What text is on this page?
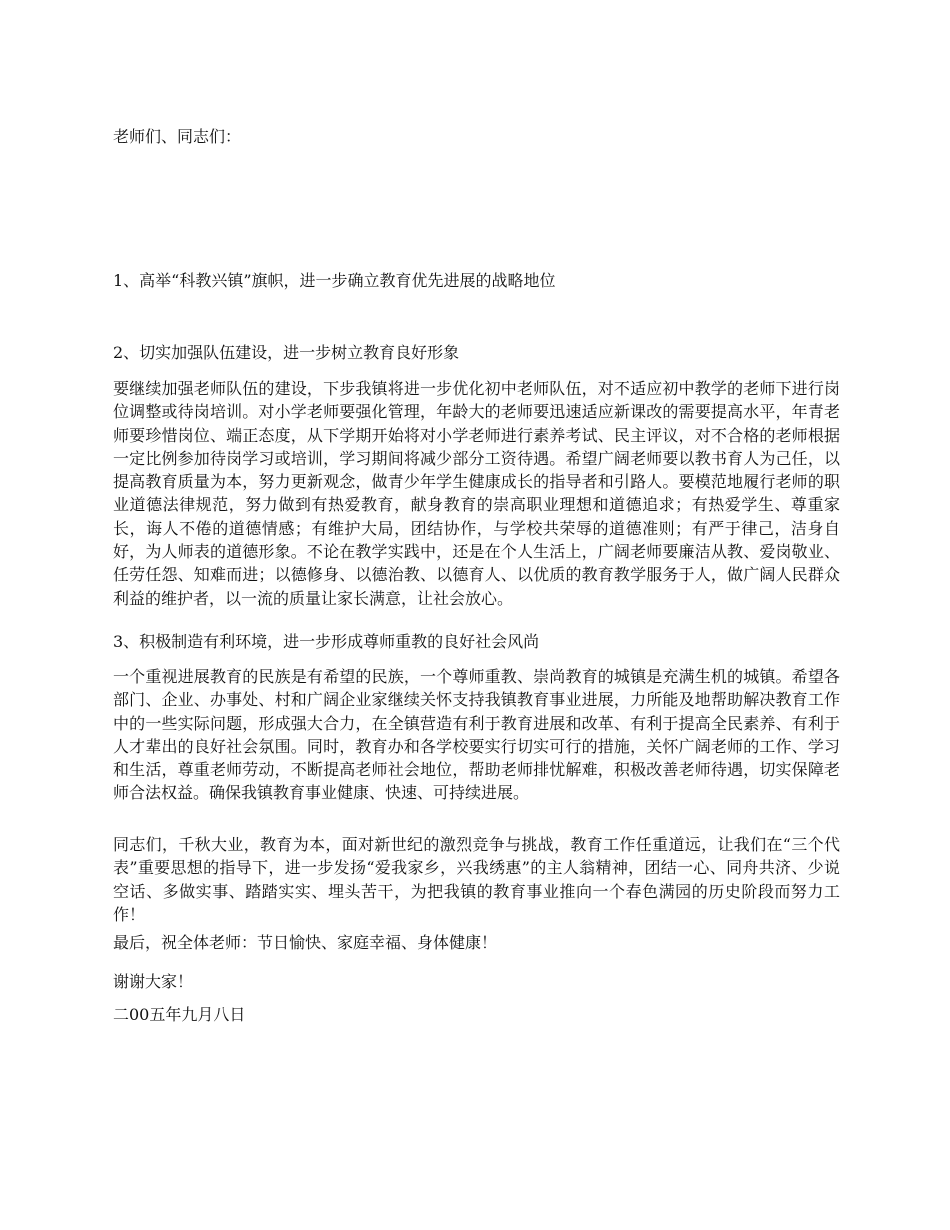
老师们、同志们：
1、高举“科教兴镇”旗帜，进一步确立教育优先进展的战略地位
2、切实加强队伍建设，进一步树立教育良好形象
要继续加强老师队伍的建设，下步我镇将进一步优化初中老师队伍，对不适应初中教学的老师下进行岗位调整或待岗培训。对小学老师要强化管理，年龄大的老师要迅速适应新课改的需要提高水平，年青老师要珍惜岗位、端正态度，从下学期开始将对小学老师进行素养考试、民主评议，对不合格的老师根据一定比例参加待岗学习或培训，学习期间将减少部分工资待遇。希望广阔老师要以教书育人为己任，以提高教育质量为本，努力更新观念，做青少年学生健康成长的指导者和引路人。要模范地履行老师的职业道德法律规范，努力做到有热爱教育，献身教育的崇高职业理想和道德追求；有热爱学生、尊重家长，诲人不倦的道德情感；有维护大局，团结协作，与学校共荣辱的道德准则；有严于律己，洁身自好，为人师表的道德形象。不论在教学实践中，还是在个人生活上，广阔老师要廉洁从教、爱岗敬业、任劳任怨、知难而进；以德修身、以德治教、以德育人、以优质的教育教学服务于人，做广阔人民群众利益的维护者，以一流的质量让家长满意，让社会放心。
3、积极制造有利环境，进一步形成尊师重教的良好社会风尚
一个重视进展教育的民族是有希望的民族，一个尊师重教、崇尚教育的城镇是充满生机的城镇。希望各部门、企业、办事处、村和广阔企业家继续关怀支持我镇教育事业进展，力所能及地帮助解决教育工作中的一些实际问题，形成强大合力，在全镇营造有利于教育进展和改革、有利于提高全民素养、有利于人才辈出的良好社会氛围。同时，教育办和各学校要实行切实可行的措施，关怀广阔老师的工作、学习和生活，尊重老师劳动，不断提高老师社会地位，帮助老师排忧解难，积极改善老师待遇，切实保障老师合法权益。确保我镇教育事业健康、快速、可持续进展。
同志们，千秋大业，教育为本，面对新世纪的激烈竞争与挑战，教育工作任重道远，让我们在“三个代表”重要思想的指导下，进一步发扬“爱我家乡，兴我绣惠”的主人翁精神，团结一心、同舟共济、少说空话、多做实事、踏踏实实、埋头苦干，为把我镇的教育事业推向一个春色满园的历史阶段而努力工作！
最后，祝全体老师：节日愉快、家庭幸福、身体健康！
谢谢大家！
二00五年九月八日
